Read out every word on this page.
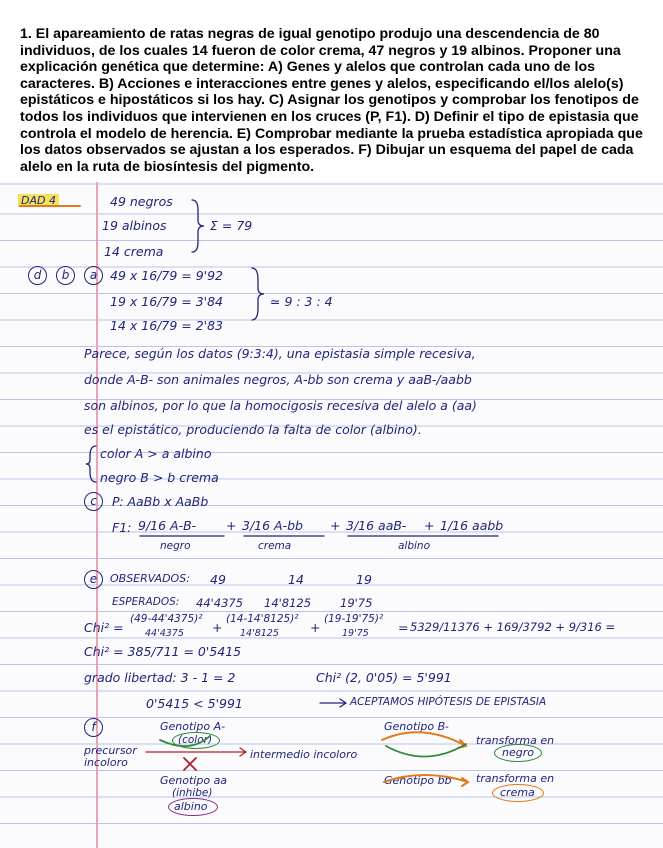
1. El apareamiento de ratas negras de igual genotipo produjo una descendencia de 80 individuos, de los cuales 14 fueron de color crema, 47 negros y 19 albinos. Proponer una explicación genética que determine: A) Genes y alelos que controlan cada uno de los caracteres. B) Acciones e interacciones entre genes y alelos, especificando el/los alelo(s) epistáticos e hipostáticos si los hay. C) Asignar los genotipos y comprobar los fenotipos de todos los individuos que intervienen en los cruces (P, F1). D) Definir el tipo de epistasia que controla el modelo de herencia. E) Comprobar mediante la prueba estadística apropiada que los datos observados se ajustan a los esperados. F) Dibujar un esquema del papel de cada alelo en la ruta de biosíntesis del pigmento.
DAD 4	49 negros
19 albinos
14 crema
Σ = 79
d	b	a
c
e
f
49 x 16/79 = 9'92
19 x 16/79 = 3'84
14 x 16/79 = 2'83
≃ 9 : 3 : 4
Parece, según los datos (9:3:4), una epistasia simple recesiva,
donde A-B- son animales negros, A-bb son crema y aaB-/aabb
son albinos, por lo que la homocigosis recesiva del alelo a (aa)
es el epistático, produciendo la falta de color (albino).
color A > a albino
negro B > b crema
P: AaBb x AaBb
F1: 9/16 A-B- + 3/16 A-bb + 3/16 aaB- + 1/16 aabb
negro	crema	albino
OBSERVADOS: 49	14	19
ESPERADOS: 44'4375 14'8125	19'75
Chi² =
(49-44'4375)²
44'4375 +
(14-14'8125)²
14'8125 +
(19-19'75)²
19'75 = 5329/11376 + 169/3792 + 9/316 =
Chi² = 385/711 = 0'5415
grado libertad: 3 - 1 = 2	Chi² (2, 0'05) = 5'991
0'5415 < 5'991	ACEPTAMOS HIPÓTESIS DE EPISTASIA
precursor
incoloro
Genotipo A-
(color)
intermedio incoloro
Genotipo B-
transforma en
negro
Genotipo aa
(inhibe)
albino
Genotipo bb transforma en
crema
